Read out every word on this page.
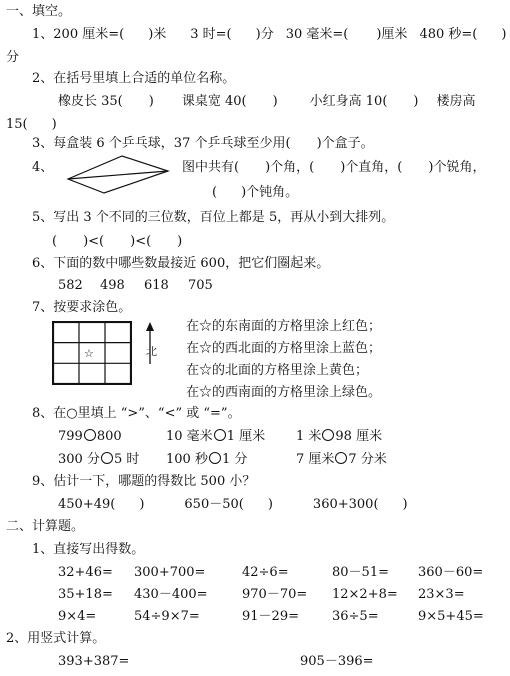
一、填空。
1、200 厘米=( )米 3 时=( )分 30 毫米=( )厘米 480 秒=( )
分
2、在括号里填上合适的单位名称。
橡皮长 35( ) 课桌宽 40( ) 小红身高 10( ) 楼房高
15( )
3、每盒装 6 个乒乓球，37 个乒乓球至少用( )个盒子。
4、	图中共有( )个角，( )个直角，( )个锐角，
( )个钝角。
5、写出 3 个不同的三位数，百位上都是 5，再从小到大排列。
( )<( )<( )
6、下面的数中哪些数最接近 600，把它们圈起来。
582 498 618 705
7、按要求涂色。
☆	北
在☆的东南面的方格里涂上红色；
在☆的西北面的方格里涂上蓝色；
在☆的北面的方格里涂上黄色；
在☆的西南面的方格里涂上绿色。
8、在○里填上 “>”、“<” 或 “=”。
799 800	10 毫米 1 厘米 1 米 98 厘米
300 分 5 时 100 秒 1 分	7 厘米 7 分米
9、估计一下，哪题的得数比 500 小？
450+49( )	650－50( )	360+300( )
二、计算题。
1、直接写出得数。
32+46= 300+700=	42÷6=	80－51= 360－60=
35+18= 430－400=	970－70= 12×2+8= 23×3=
9×4=	54÷9×7=	91－29=	36÷5=	9×5+45=
2、用竖式计算。
393+387=	905－396=
